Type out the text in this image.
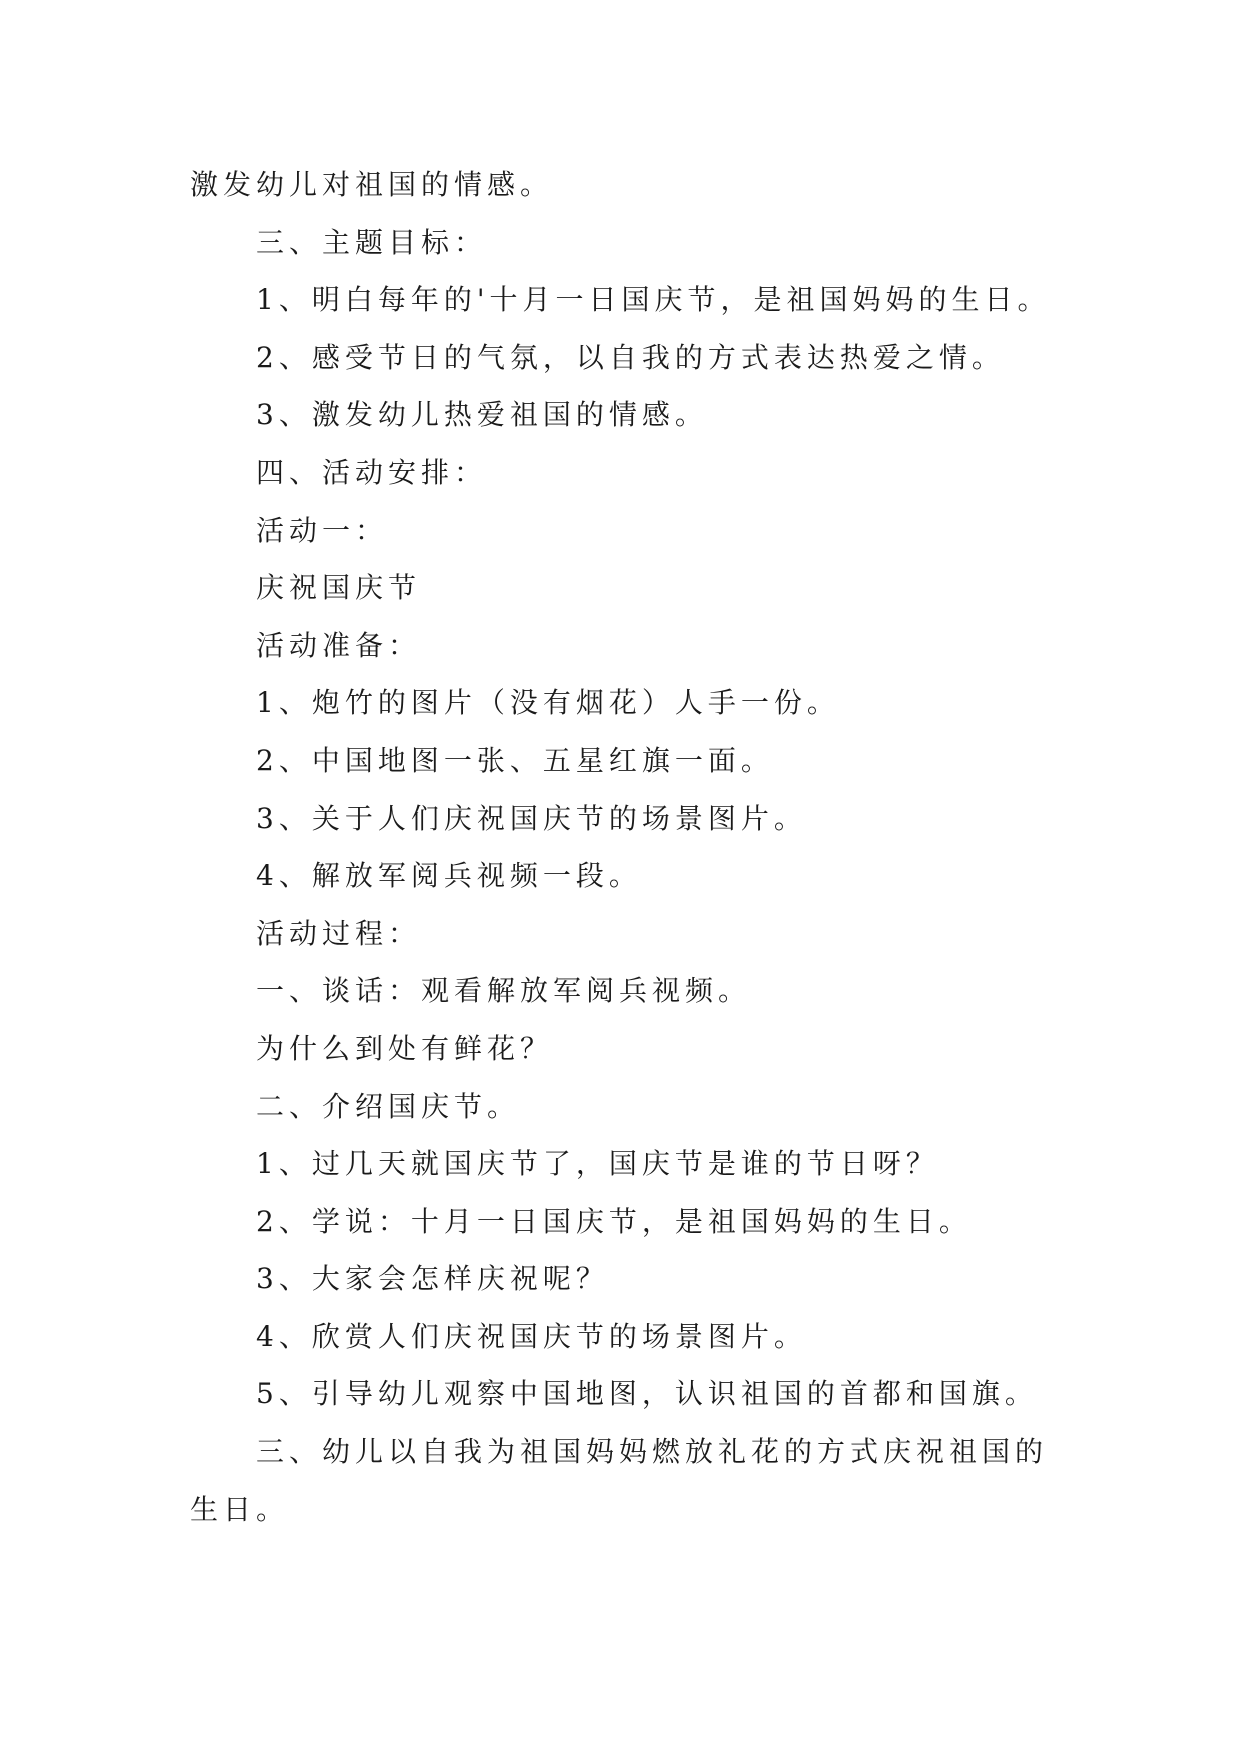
激发幼儿对祖国的情感。
三、主题目标：
1、明白每年的'十月一日国庆节，是祖国妈妈的生日。
2、感受节日的气氛，以自我的方式表达热爱之情。
3、激发幼儿热爱祖国的情感。
四、活动安排：
活动一：
庆祝国庆节
活动准备：
1、炮竹的图片（没有烟花）人手一份。
2、中国地图一张、五星红旗一面。
3、关于人们庆祝国庆节的场景图片。
4、解放军阅兵视频一段。
活动过程：
一、谈话：观看解放军阅兵视频。
为什么到处有鲜花？
二、介绍国庆节。
1、过几天就国庆节了，国庆节是谁的节日呀？
2、学说：十月一日国庆节，是祖国妈妈的生日。
3、大家会怎样庆祝呢？
4、欣赏人们庆祝国庆节的场景图片。
5、引导幼儿观察中国地图，认识祖国的首都和国旗。
三、幼儿以自我为祖国妈妈燃放礼花的方式庆祝祖国的
生日。
